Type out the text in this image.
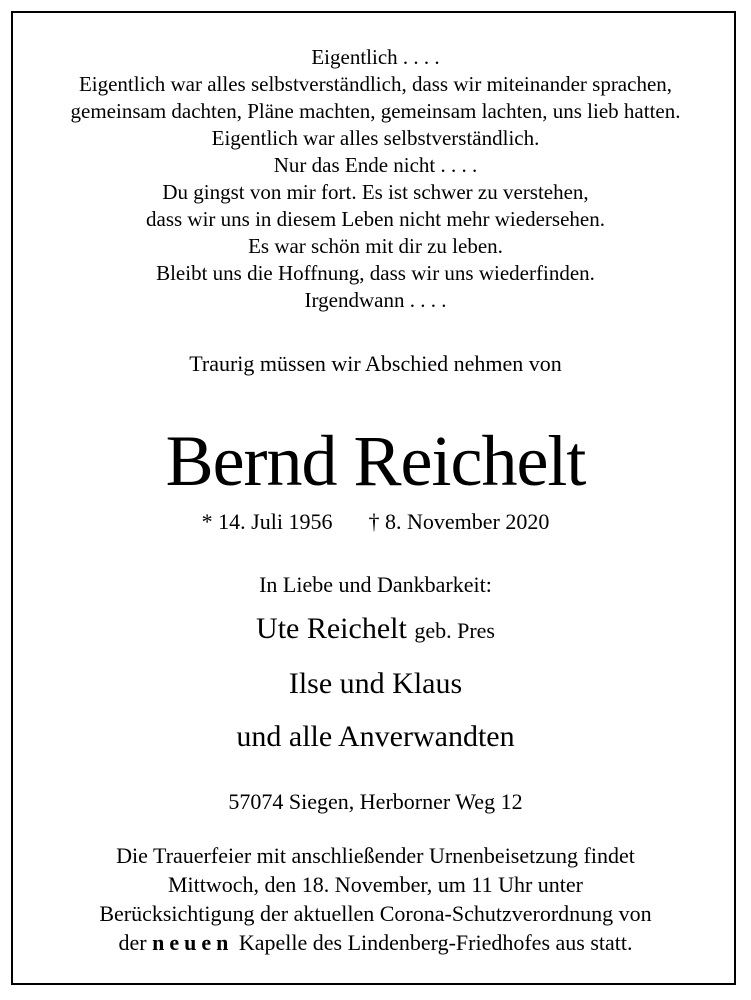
Eigentlich . . . .
Eigentlich war alles selbstverständlich, dass wir miteinander sprachen,
gemeinsam dachten, Pläne machten, gemeinsam lachten, uns lieb hatten.
Eigentlich war alles selbstverständlich.
Nur das Ende nicht . . . .
Du gingst von mir fort. Es ist schwer zu verstehen,
dass wir uns in diesem Leben nicht mehr wiedersehen.
Es war schön mit dir zu leben.
Bleibt uns die Hoffnung, dass wir uns wiederfinden.
Irgendwann . . . .
Traurig müssen wir Abschied nehmen von
Bernd Reichelt
* 14. Juli 1956 † 8. November 2020
In Liebe und Dankbarkeit:
Ute Reichelt geb. Pres
Ilse und Klaus
und alle Anverwandten
57074 Siegen, Herborner Weg 12
Die Trauerfeier mit anschließender Urnenbeisetzung findet
Mittwoch, den 18. November, um 11 Uhr unter
Berücksichtigung der aktuellen Corona-Schutzverordnung von
der neuen Kapelle des Lindenberg-Friedhofes aus statt.
